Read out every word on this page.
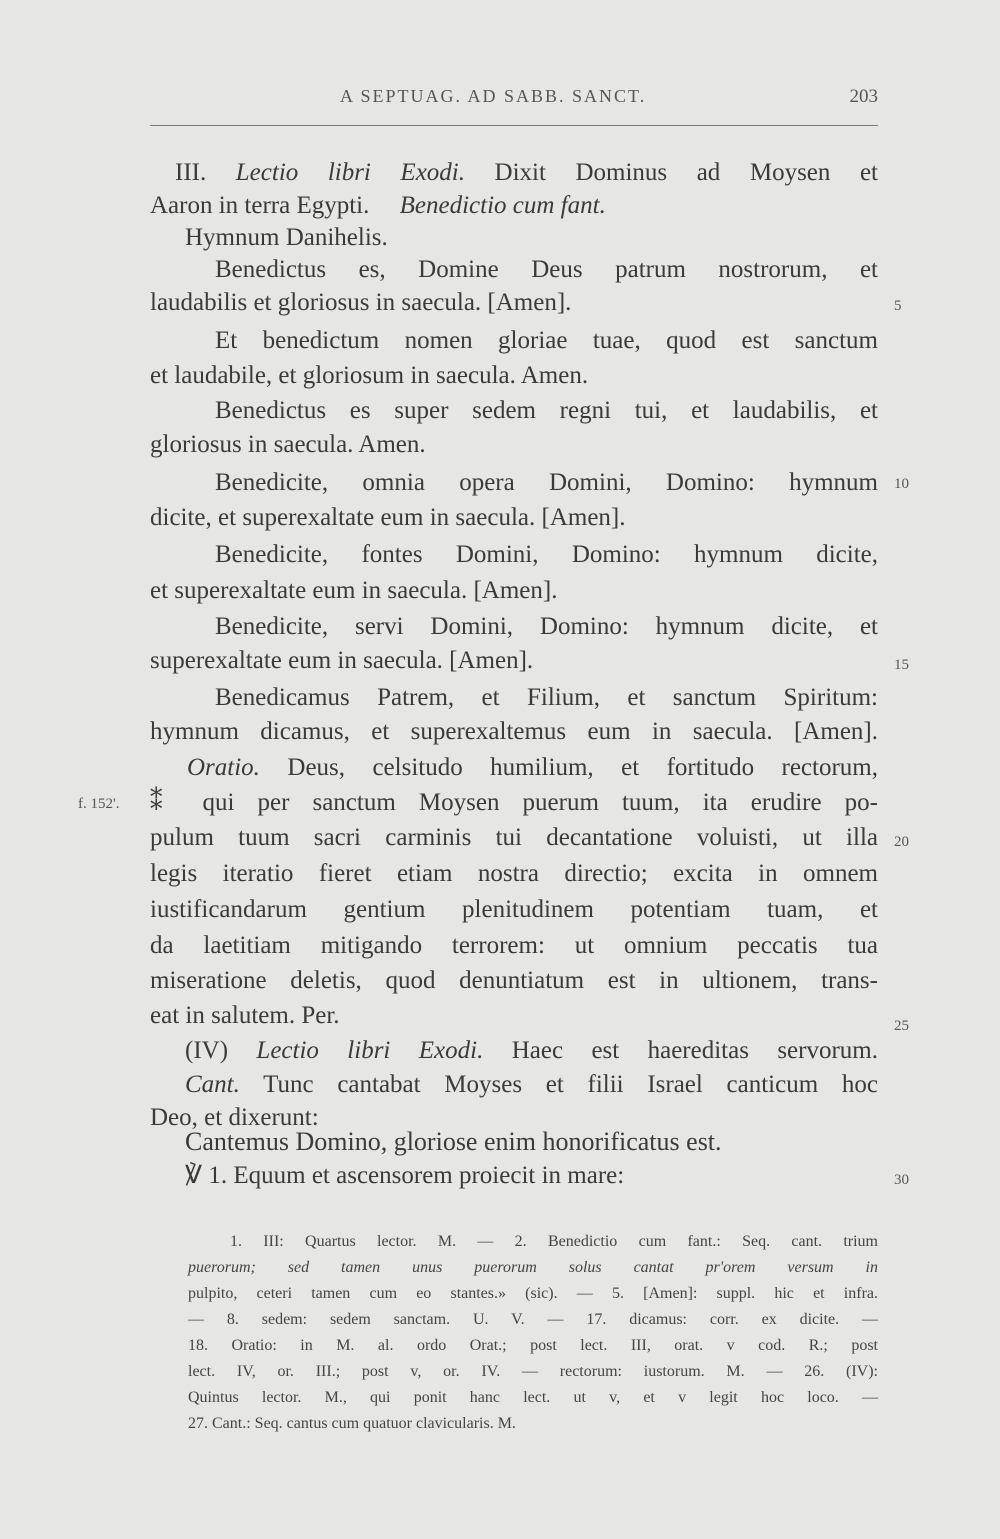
A SEPTUAG. AD SABB. SANCT.	203
III. Lectio libri Exodi. Dixit Dominus ad Moysen et
Aaron in terra Egypti. Benedictio cum fant.
Hymnum Danihelis.
Benedictus es, Domine Deus patrum nostrorum, et
laudabilis et gloriosus in saecula. [Amen].
Et benedictum nomen gloriae tuae, quod est sanctum
et laudabile, et gloriosum in saecula. Amen.
Benedictus es super sedem regni tui, et laudabilis, et
gloriosus in saecula. Amen.
Benedicite, omnia opera Domini, Domino: hymnum
dicite, et superexaltate eum in saecula. [Amen].
Benedicite, fontes Domini, Domino: hymnum dicite,
et superexaltate eum in saecula. [Amen].
Benedicite, servi Domini, Domino: hymnum dicite, et
superexaltate eum in saecula. [Amen].
Benedicamus Patrem, et Filium, et sanctum Spiritum:
hymnum dicamus, et superexaltemus eum in saecula. [Amen].
Oratio. Deus, celsitudo humilium, et fortitudo rectorum,
⁑ qui per sanctum Moysen puerum tuum, ita erudire po-
pulum tuum sacri carminis tui decantatione voluisti, ut illa
legis iteratio fieret etiam nostra directio; excita in omnem
iustificandarum gentium plenitudinem potentiam tuam, et
da laetitiam mitigando terrorem: ut omnium peccatis tua
miseratione deletis, quod denuntiatum est in ultionem, trans-
eat in salutem. Per.
(IV) Lectio libri Exodi. Haec est haereditas servorum.
Cant. Tunc cantabat Moyses et filii Israel canticum hoc
Deo, et dixerunt:
Cantemus Domino, gloriose enim honorificatus est.
℣ 1. Equum et ascensorem proiecit in mare:
5
10
15
20
25
30
f. 152'.
1. III: Quartus lector. M. — 2. Benedictio cum fant.: Seq. cant. trium
puerorum; sed tamen unus puerorum solus cantat pr'orem versum in
pulpito, ceteri tamen cum eo stantes.» (sic). — 5. [Amen]: suppl. hic et infra.
— 8. sedem: sedem sanctam. U. V. — 17. dicamus: corr. ex dicite. —
18. Oratio: in M. al. ordo Orat.; post lect. III, orat. v cod. R.; post
lect. IV, or. III.; post v, or. IV. — rectorum: iustorum. M. — 26. (IV):
Quintus lector. M., qui ponit hanc lect. ut v, et v legit hoc loco. —
27. Cant.: Seq. cantus cum quatuor clavicularis. M.
